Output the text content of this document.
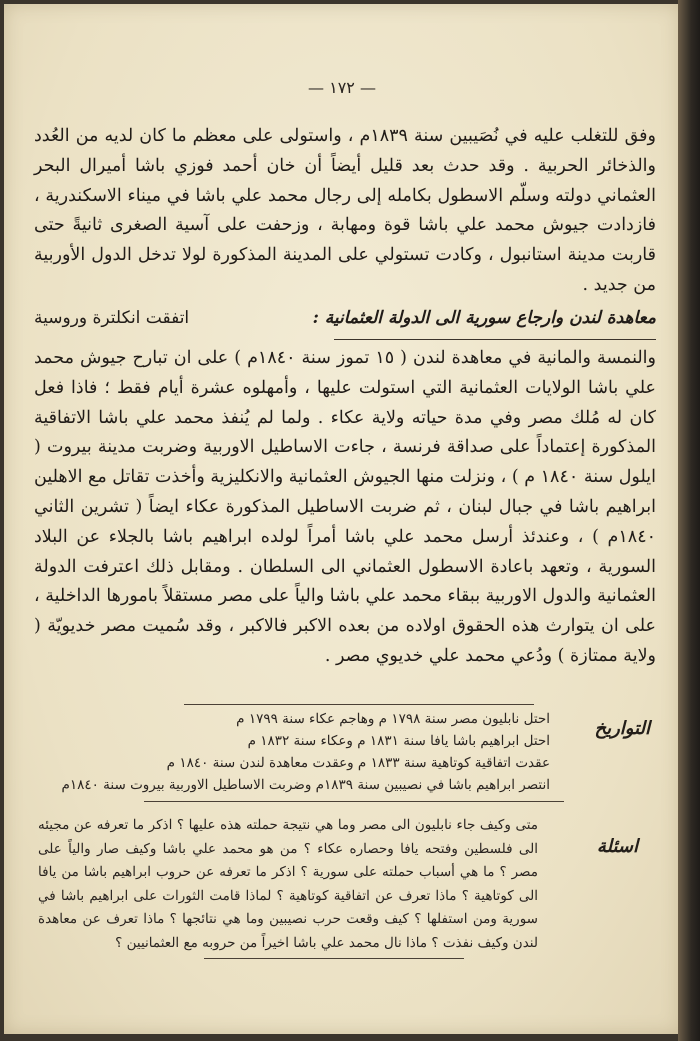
— ١٧٢ —
وفق للتغلب عليه في نُصَيبين سنة ١٨٣٩م ، واستولى على معظم ما كان لديه من العُدد والذخائر الحربية . وقد حدث بعد قليل أيضاً أن خان أحمد فوزي باشا أميرال البحر العثماني دولته وسلّم الاسطول بكامله إلى رجال محمد علي باشا في ميناء الاسكندرية ، فازدادت جيوش محمد علي باشا قوة ومهابة ، وزحفت على آسية الصغرى ثانيةً حتى قاربت مدينة استانبول ، وكادت تستولي على المدينة المذكورة لولا تدخل الدول الأوربية من جديد .
معاهدة لندن وارجاع سورية الى الدولة العثمانية :
اتفقت انكلترة وروسية
والنمسة والمانية في معاهدة لندن ( ١٥ تموز سنة ١٨٤٠م ) على ان تبارح جيوش محمد علي باشا الولايات العثمانية التي استولت عليها ، وأمهلوه عشرة أيام فقط ؛ فاذا فعل كان له مُلك مصر وفي مدة حياته ولاية عكاء . ولما لم يُنفذ محمد علي باشا الاتفاقية المذكورة إعتماداً على صداقة فرنسة ، جاءت الاساطيل الاوربية وضربت مدينة بيروت ( ايلول سنة ١٨٤٠ م ) ، ونزلت منها الجيوش العثمانية والانكليزية وأخذت تقاتل مع الاهلين ابراهيم باشا في جبال لبنان ، ثم ضربت الاساطيل المذكورة عكاء ايضاً ( تشرين الثاني ١٨٤٠م ) ، وعندئذ أرسل محمد علي باشا أمراً لولده ابراهيم باشا بالجلاء عن البلاد السورية ، وتعهد باعادة الاسطول العثماني الى السلطان . ومقابل ذلك اعترفت الدولة العثمانية والدول الاوربية ببقاء محمد علي باشا والياً على مصر مستقلاً بامورها الداخلية ، على ان يتوارث هذه الحقوق اولاده من بعده الاكبر فالاكبر ، وقد سُميت مصر خديويّة ( ولاية ممتازة ) ودُعي محمد علي خديوي مصر .
التواريخ
احتل نابليون مصر سنة ١٧٩٨ م وهاجم عكاء سنة ١٧٩٩ م
احتل ابراهيم باشا يافا سنة ١٨٣١ م وعكاء سنة ١٨٣٢ م
عقدت اتفاقية كوتاهية سنة ١٨٣٣ م وعقدت معاهدة لندن سنة ١٨٤٠ م
انتصر ابراهيم باشا في نصيبين سنة ١٨٣٩م وضربت الاساطيل الاوربية بيروت سنة ١٨٤٠م
اسئلة
متى وكيف جاء نابليون الى مصر وما هي نتيجة حملته هذه عليها ؟ اذكر ما تعرفه عن مجيئه الى فلسطين وفتحه يافا وحصاره عكاء ؟ من هو محمد علي باشا وكيف صار والياً على مصر ؟ ما هي أسباب حملته على سورية ؟ اذكر ما تعرفه عن حروب ابراهيم باشا من يافا الى كوتاهية ؟ ماذا تعرف عن اتفاقية كوتاهية ؟ لماذا قامت الثورات على ابراهيم باشا في سورية ومن استفلها ؟ كيف وقعت حرب نصيبين وما هي نتائجها ؟ ماذا تعرف عن معاهدة لندن وكيف نفذت ؟ ماذا نال محمد علي باشا اخيراً من حروبه مع العثمانيين ؟
